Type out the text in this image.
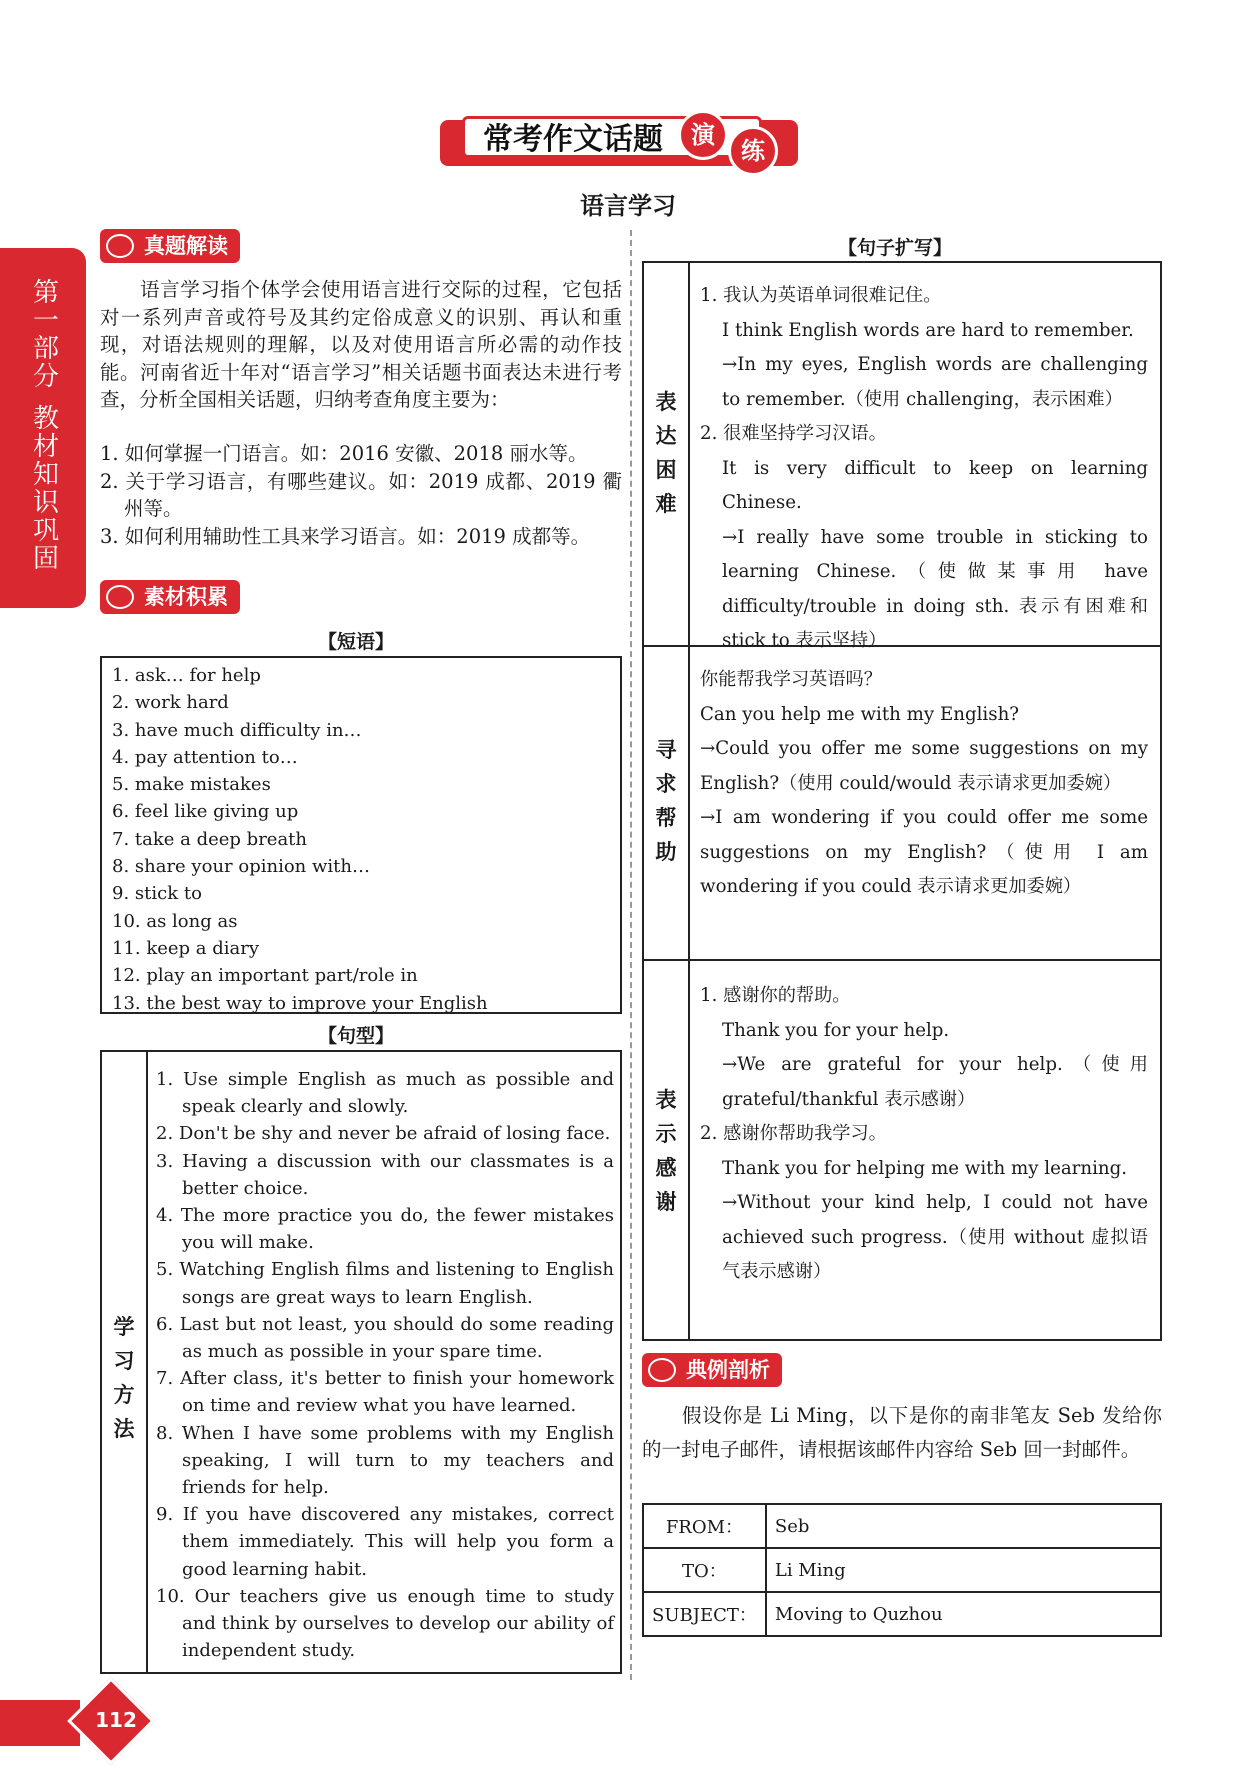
第一部分
教材知识巩固
常考作文话题	演
练
语言学习
真题解读
语言学习指个体学会使用语言进行交际的过程，它包括对一系列声音或符号及其约定俗成意义的识别、再认和重现，对语法规则的理解，以及对使用语言所必需的动作技能。河南省近十年对“语言学习”相关话题书面表达未进行考查，分析全国相关话题，归纳考查角度主要为：
1. 如何掌握一门语言。如：2016 安徽、2018 丽水等。
2. 关于学习语言，有哪些建议。如：2019 成都、2019 衢州等。
3. 如何利用辅助性工具来学习语言。如：2019 成都等。
素材积累
【短语】
1. ask… for help
2. work hard
3. have much difficulty in…
4. pay attention to…
5. make mistakes
6. feel like giving up
7. take a deep breath
8. share your opinion with…
9. stick to
10. as long as
11. keep a diary
12. play an important part/role in
13. the best way to improve your English
【句型】
学习方法
1. Use simple English as much as possible and speak clearly and slowly.
2. Don't be shy and never be afraid of losing face.
3. Having a discussion with our classmates is a better choice.
4. The more practice you do, the fewer mistakes you will make.
5. Watching English films and listening to English songs are great ways to learn English.
6. Last but not least, you should do some reading as much as possible in your spare time.
7. After class, it's better to finish your homework on time and review what you have learned.
8. When I have some problems with my English speaking, I will turn to my teachers and friends for help.
9. If you have discovered any mistakes, correct them immediately. This will help you form a good learning habit.
10. Our teachers give us enough time to study and think by ourselves to develop our ability of independent study.
【句子扩写】
表达困难
1. 我认为英语单词很难记住。
I think English words are hard to remember.
→In my eyes, English words are challenging to remember.（使用 challenging，表示困难）
2. 很难坚持学习汉语。
It is very difficult to keep on learning Chinese.
→I really have some trouble in sticking to learning Chinese.（使做某事用 have difficulty/trouble in doing sth. 表示有困难和 stick to 表示坚持）
寻求帮助
你能帮我学习英语吗？
Can you help me with my English?
→Could you offer me some suggestions on my English?（使用 could/would 表示请求更加委婉）
→I am wondering if you could offer me some suggestions on my English?（使用 I am wondering if you could 表示请求更加委婉）
表示感谢
1. 感谢你的帮助。
Thank you for your help.
→We are grateful for your help.（使用 grateful/thankful 表示感谢）
2. 感谢你帮助我学习。
Thank you for helping me with my learning.
→Without your kind help, I could not have achieved such progress.（使用 without 虚拟语气表示感谢）
典例剖析
假设你是 Li Ming，以下是你的南非笔友 Seb 发给你的一封电子邮件，请根据该邮件内容给 Seb 回一封邮件。
FROM：	Seb
TO：	Li Ming
SUBJECT：	Moving to Quzhou
112
